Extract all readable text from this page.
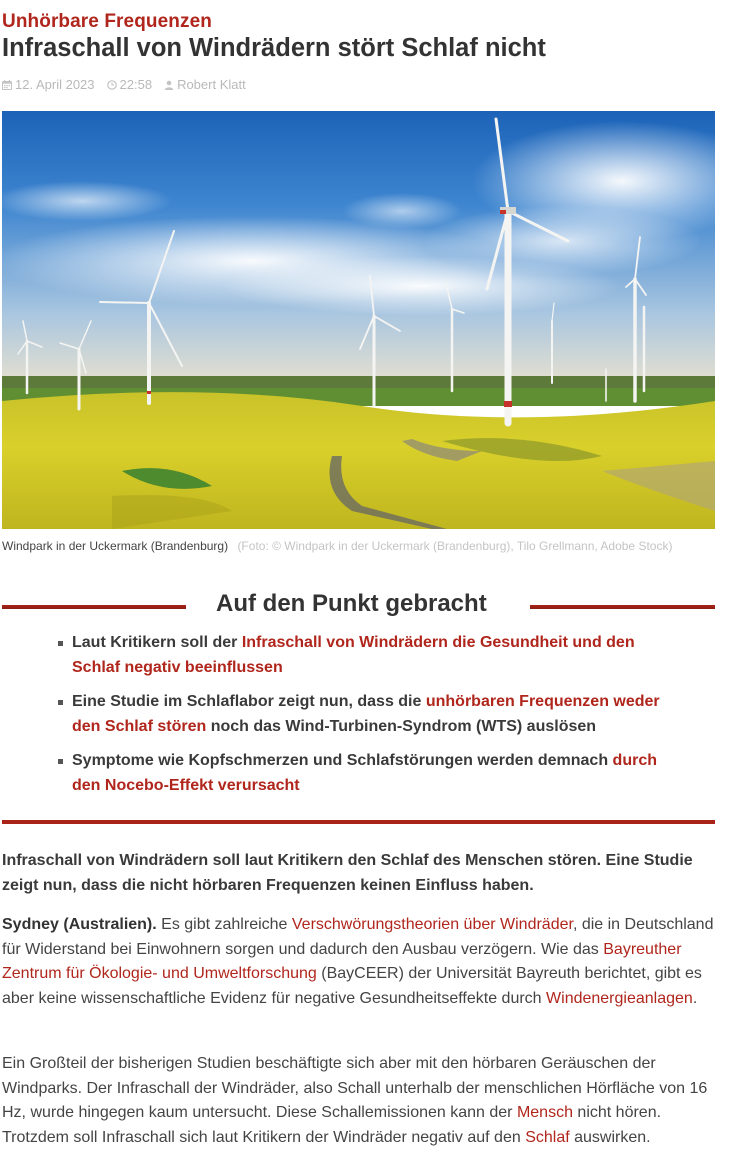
Unhörbare Frequenzen
Infraschall von Windrädern stört Schlaf nicht
12. April 2023 22:58 Robert Klatt
Windpark in der Uckermark (Brandenburg) (Foto: © Windpark in der Uckermark (Brandenburg), Tilo Grellmann, Adobe Stock)
Auf den Punkt gebracht
Laut Kritikern soll der Infraschall von Windrädern die Gesundheit und den Schlaf negativ beeinflussen
Eine Studie im Schlaflabor zeigt nun, dass die unhörbaren Frequenzen weder den Schlaf stören noch das Wind-Turbinen-Syndrom (WTS) auslösen
Symptome wie Kopfschmerzen und Schlafstörungen werden demnach durch den Nocebo-Effekt verursacht

Infraschall von Windrädern soll laut Kritikern den Schlaf des Menschen stören. Eine Studie zeigt nun, dass die nicht hörbaren Frequenzen keinen Einfluss haben.

Sydney (Australien). Es gibt zahlreiche Verschwörungstheorien über Windräder, die in Deutschland für Widerstand bei Einwohnern sorgen und dadurch den Ausbau verzögern. Wie das Bayreuther Zentrum für Ökologie- und Umweltforschung (BayCEER) der Universität Bayreuth berichtet, gibt es aber keine wissenschaftliche Evidenz für negative Gesundheitseffekte durch Windenergieanlagen.

Ein Großteil der bisherigen Studien beschäftigte sich aber mit den hörbaren Geräuschen der Windparks. Der Infraschall der Windräder, also Schall unterhalb der menschlichen Hörfläche von 16 Hz, wurde hingegen kaum untersucht. Diese Schallemissionen kann der Mensch nicht hören. Trotzdem soll Infraschall sich laut Kritikern der Windräder negativ auf den Schlaf auswirken.
